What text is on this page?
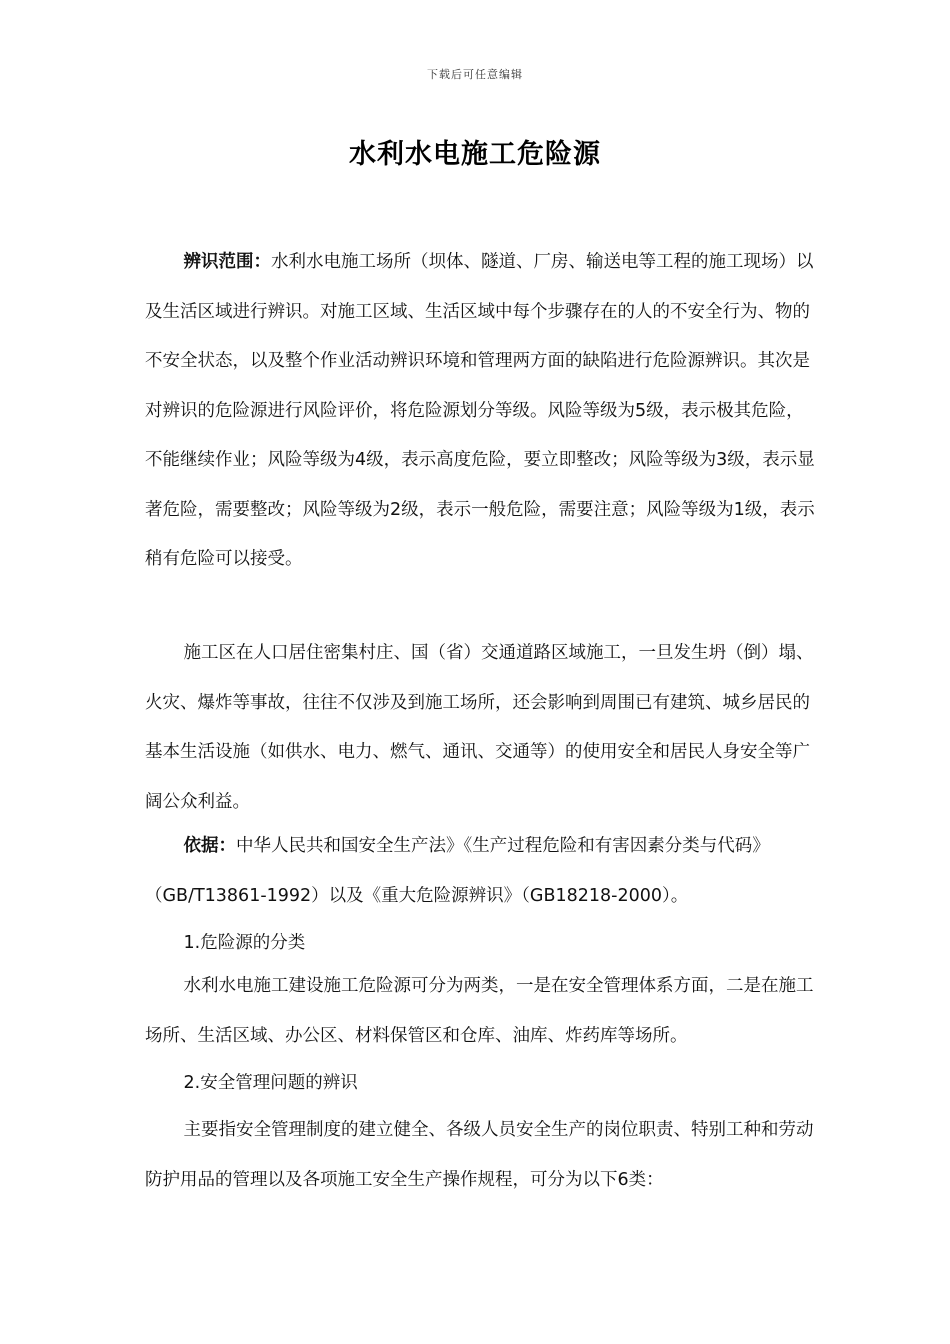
下载后可任意编辑
水利水电施工危险源

辨识范围：水利水电施工场所（坝体、隧道、厂房、输送电等工程的施工现场）以及生活区域进行辨识。对施工区域、生活区域中每个步骤存在的人的不安全行为、物的不安全状态，以及整个作业活动辨识环境和管理两方面的缺陷进行危险源辨识。其次是对辨识的危险源进行风险评价，将危险源划分等级。风险等级为5级，表示极其危险，不能继续作业；风险等级为4级，表示高度危险，要立即整改；风险等级为3级，表示显著危险，需要整改；风险等级为2级，表示一般危险，需要注意；风险等级为1级，表示稍有危险可以接受。

施工区在人口居住密集村庄、国（省）交通道路区域施工，一旦发生坍（倒）塌、火灾、爆炸等事故，往往不仅涉及到施工场所，还会影响到周围已有建筑、城乡居民的基本生活设施（如供水、电力、燃气、通讯、交通等）的使用安全和居民人身安全等广阔公众利益。

依据：中华人民共和国安全生产法》《生产过程危险和有害因素分类与代码》（GB/T13861-1992）以及《重大危险源辨识》（GB18218-2000）。

1.危险源的分类

水利水电施工建设施工危险源可分为两类，一是在安全管理体系方面，二是在施工场所、生活区域、办公区、材料保管区和仓库、油库、炸药库等场所。

2.安全管理问题的辨识

主要指安全管理制度的建立健全、各级人员安全生产的岗位职责、特别工种和劳动防护用品的管理以及各项施工安全生产操作规程，可分为以下6类：
